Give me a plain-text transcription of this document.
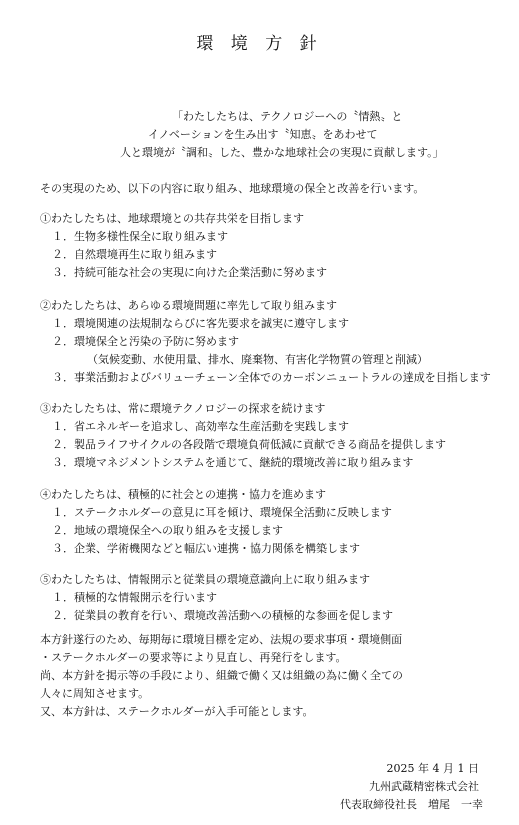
環 境 方 針
「わたしたちは、テクノロジーへの〝情熱〟と
イノベーションを生み出す〝知恵〟をあわせて
人と環境が〝調和〟した、豊かな地球社会の実現に貢献します。」
その実現のため、以下の内容に取り組み、地球環境の保全と改善を行います。
①わたしたちは、地球環境との共存共栄を目指します
１．生物多様性保全に取り組みます
２．自然環境再生に取り組みます
３．持続可能な社会の実現に向けた企業活動に努めます
②わたしたちは、あらゆる環境問題に率先して取り組みます
１．環境関連の法規制ならびに客先要求を誠実に遵守します
２．環境保全と汚染の予防に努めます
（気候変動、水使用量、排水、廃棄物、有害化学物質の管理と削減）
３．事業活動およびバリューチェーン全体でのカーボンニュートラルの達成を目指します
③わたしたちは、常に環境テクノロジーの探求を続けます
１．省エネルギーを追求し、高効率な生産活動を実践します
２．製品ライフサイクルの各段階で環境負荷低減に貢献できる商品を提供します
３．環境マネジメントシステムを通じて、継続的環境改善に取り組みます
④わたしたちは、積極的に社会との連携・協力を進めます
１．ステークホルダーの意見に耳を傾け、環境保全活動に反映します
２．地域の環境保全への取り組みを支援します
３．企業、学術機関などと幅広い連携・協力関係を構築します
⑤わたしたちは、情報開示と従業員の環境意識向上に取り組みます
１．積極的な情報開示を行います
２．従業員の教育を行い、環境改善活動への積極的な参画を促します
本方針遂行のため、毎期毎に環境目標を定め、法規の要求事項・環境側面
・ステークホルダーの要求等により見直し、再発行をします。
尚、本方針を掲示等の手段により、組織で働く又は組織の為に働く全ての
人々に周知させます。
又、本方針は、ステークホルダーが入手可能とします。
2025 年 4 月 1 日
九州武蔵精密株式会社
代表取締役社長　増尾　一幸
